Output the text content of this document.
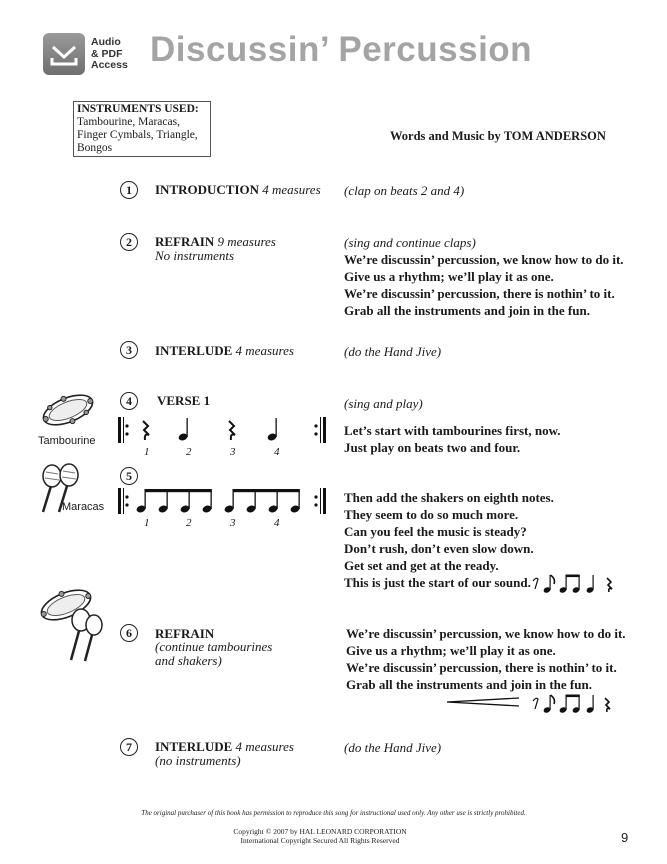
Audio
& PDF
Access Discussin’ Percussion
INSTRUMENTS USED:
Tambourine, Maracas,
Finger Cymbals, Triangle,
Bongos
Words and Music by TOM ANDERSON
1	INTRODUCTION 4 measures (clap on beats 2 and 4)
2	REFRAIN 9 measures
No instruments
(sing and continue claps)
We’re discussin’ percussion, we know how to do it.
Give us a rhythm; we’ll play it as one.
We’re discussin’ percussion, there is nothin’ to it.
Grab all the instruments and join in the fun.
3	INTERLUDE 4 measures	(do the Hand Jive)
Tambourine
4	VERSE 1	(sing and play)
Let’s start with tambourines first, now.
Just play on beats two and four.
1	2	3	4
Maracas
5
Then add the shakers on eighth notes.
They seem to do so much more.
Can you feel the music is steady?
Don’t rush, don’t even slow down.
Get set and get at the ready.
This is just the start of our sound.
1	2	3	4
6	REFRAIN
(continue tambourines
and shakers)
We’re discussin’ percussion, we know how to do it.
Give us a rhythm; we’ll play it as one.
We’re discussin’ percussion, there is nothin’ to it.
Grab all the instruments and join in the fun.
7	INTERLUDE 4 measures
(no instruments)
(do the Hand Jive)
The original purchaser of this book has permission to reproduce this song for instructional used only. Any other use is strictly prohibited.
Copyright © 2007 by HAL LEONARD CORPORATION
International Copyright Secured All Rights Reserved	9
